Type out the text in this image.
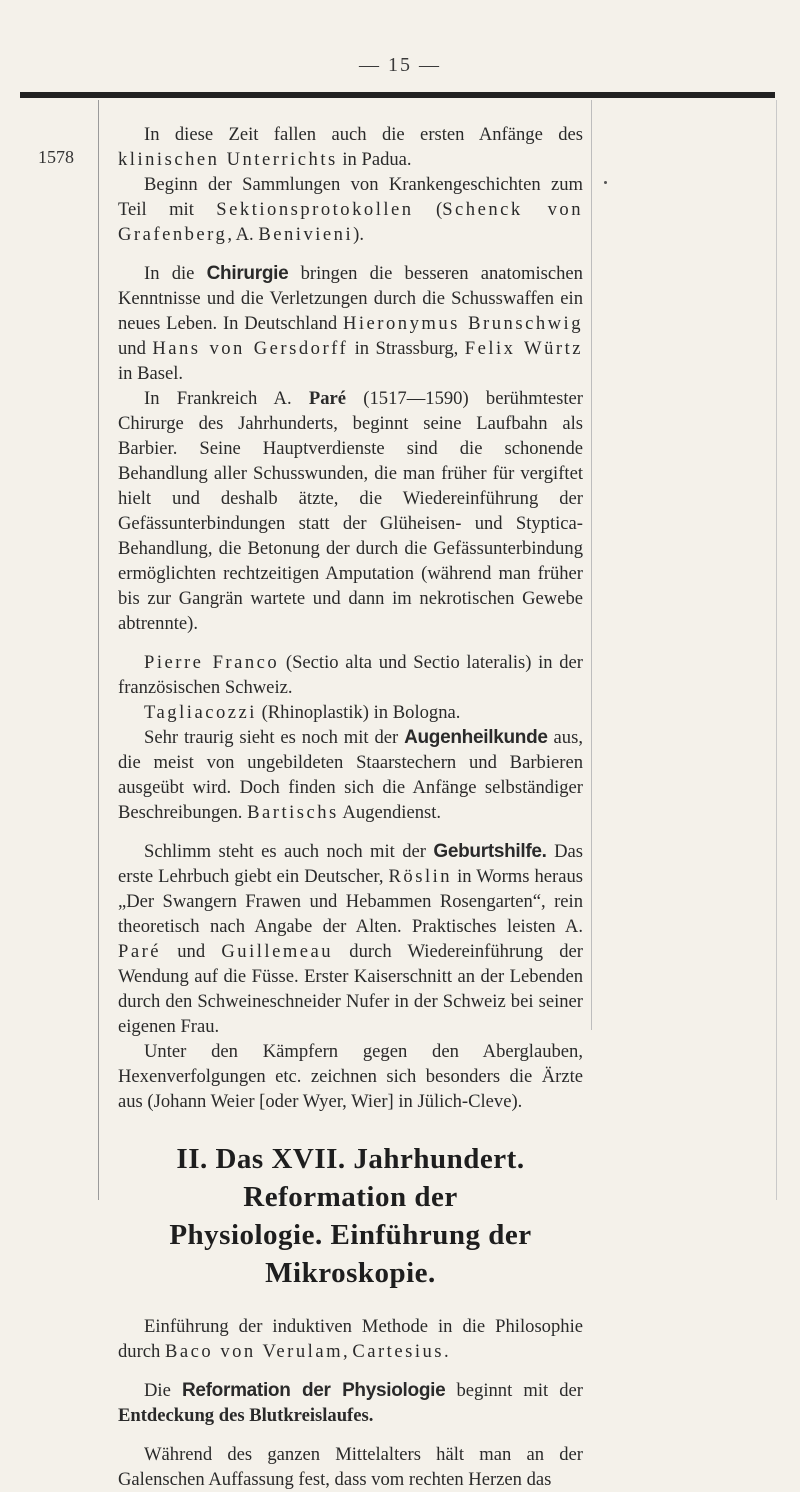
— 15 —
1578

In diese Zeit fallen auch die ersten Anfänge des klinischen Unterrichts in Padua.

Beginn der Sammlungen von Krankengeschichten zum Teil mit Sektionsprotokollen (Schenck von Grafenberg, A. Benivieni).

In die Chirurgie bringen die besseren anatomischen Kenntnisse und die Verletzungen durch die Schusswaffen ein neues Leben. In Deutschland Hieronymus Brunschwig und Hans von Gersdorff in Strassburg, Felix Würtz in Basel.

In Frankreich A. Paré (1517—1590) berühmtester Chirurge des Jahrhunderts, beginnt seine Laufbahn als Barbier. Seine Hauptverdienste sind die schonende Behandlung aller Schusswunden, die man früher für vergiftet hielt und deshalb ätzte, die Wiedereinführung der Gefässunterbindungen statt der Glüheisen- und Styptica-Behandlung, die Betonung der durch die Gefässunterbindung ermöglichten rechtzeitigen Amputation (während man früher bis zur Gangrän wartete und dann im nekrotischen Gewebe abtrennte).

Pierre Franco (Sectio alta und Sectio lateralis) in der französischen Schweiz.

Tagliacozzi (Rhinoplastik) in Bologna.

Sehr traurig sieht es noch mit der Augenheilkunde aus, die meist von ungebildeten Staarstechern und Barbieren ausgeübt wird. Doch finden sich die Anfänge selbständiger Beschreibungen. Bartischs Augendienst.

Schlimm steht es auch noch mit der Geburtshilfe. Das erste Lehrbuch giebt ein Deutscher, Röslin in Worms heraus „Der Swangern Frawen und Hebammen Rosengarten“, rein theoretisch nach Angabe der Alten. Praktisches leisten A. Paré und Guillemeau durch Wiedereinführung der Wendung auf die Füsse. Erster Kaiserschnitt an der Lebenden durch den Schweineschneider Nufer in der Schweiz bei seiner eigenen Frau.

Unter den Kämpfern gegen den Aberglauben, Hexenverfolgungen etc. zeichnen sich besonders die Ärzte aus (Johann Weier [oder Wyer, Wier] in Jülich-Cleve).

II. Das XVII. Jahrhundert. Reformation der
Physiologie. Einführung der Mikroskopie.

Einführung der induktiven Methode in die Philosophie durch Baco von Verulam, Cartesius.

Die Reformation der Physiologie beginnt mit der Entdeckung des Blutkreislaufes.

Während des ganzen Mittelalters hält man an der Galenschen Auffassung fest, dass vom rechten Herzen das
